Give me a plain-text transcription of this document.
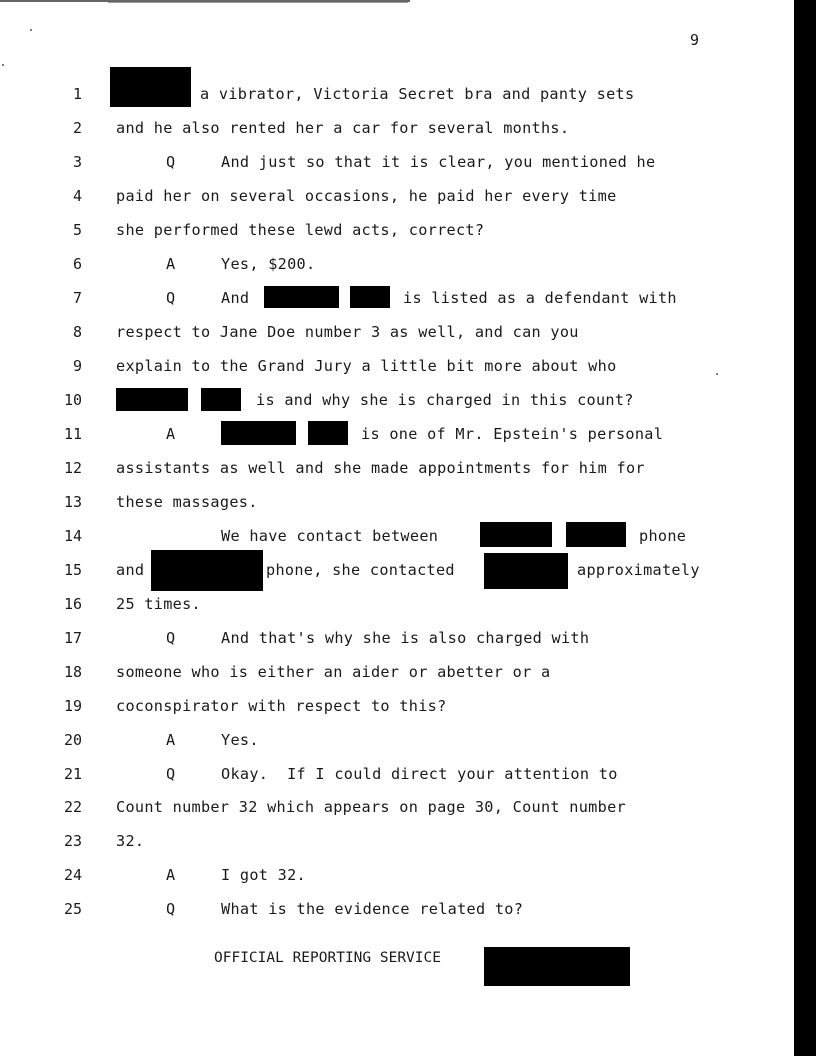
9
1
2
3
4
5
6
7
8
9
10
11
12
13
14
15
16
17
18
19
20
21
22
23
24
25
a vibrator, Victoria Secret bra and panty sets
and he also rented her a car for several months.
Q	And just so that it is clear, you mentioned he
paid her on several occasions, he paid her every time
she performed these lewd acts, correct?
A	Yes, $200.
Q	And	is listed as a defendant with
respect to Jane Doe number 3 as well, and can you
explain to the Grand Jury a little bit more about who
is and why she is charged in this count?
A	is one of Mr. Epstein's personal
assistants as well and she made appointments for him for
these massages.
We have contact between	phone
and	phone, she contacted	approximately
25 times.
Q	And that's why she is also charged with
someone who is either an aider or abetter or a
coconspirator with respect to this?
A	Yes.
Q	Okay.  If I could direct your attention to
Count number 32 which appears on page 30, Count number
32.
A	I got 32.
Q	What is the evidence related to?
OFFICIAL REPORTING SERVICE
